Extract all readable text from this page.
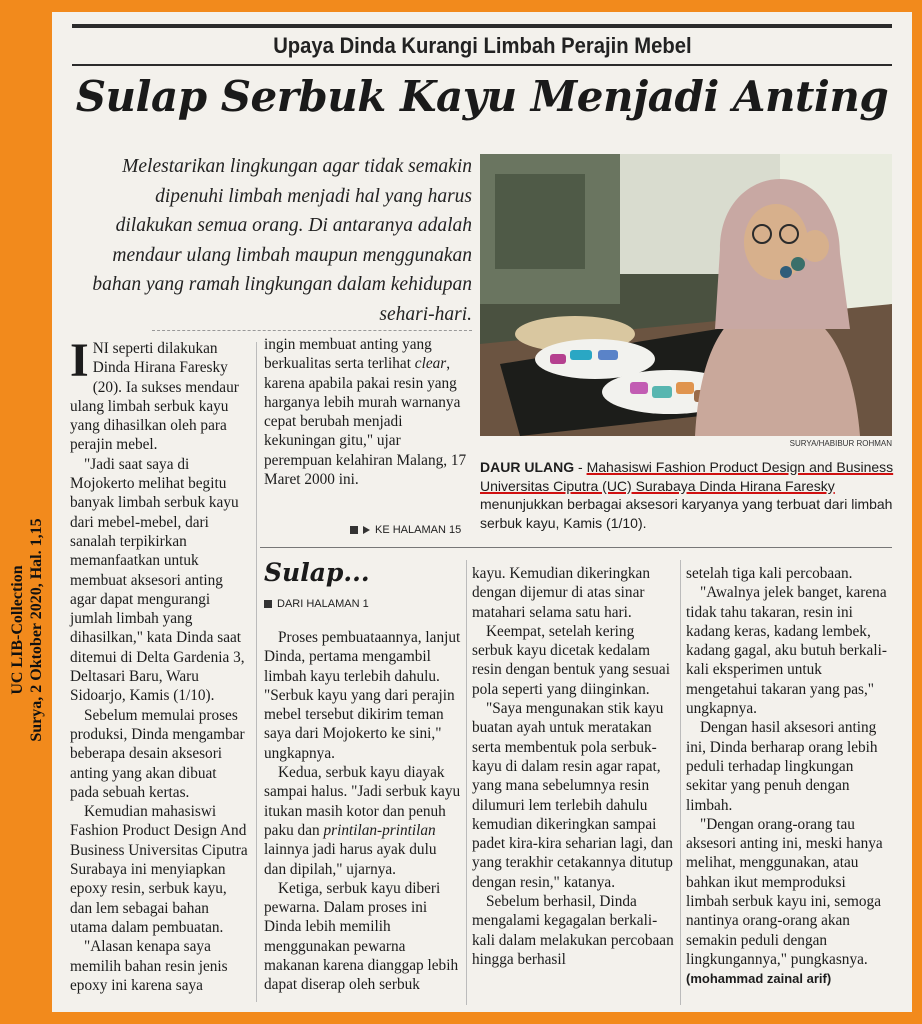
UC LIB-Collection Surya, 2 Oktober 2020, Hal. 1,15
Upaya Dinda Kurangi Limbah Perajin Mebel
Sulap Serbuk Kayu Menjadi Anting
Melestarikan lingkungan agar tidak semakin dipenuhi limbah menjadi hal yang harus dilakukan semua orang. Di antaranya adalah mendaur ulang limbah maupun menggunakan bahan yang ramah lingkungan dalam kehidupan sehari-hari.
SURYA/HABIBUR ROHMAN
DAUR ULANG - Mahasiswi Fashion Product Design and Business Universitas Ciputra (UC) Surabaya Dinda Hirana Faresky menunjukkan berbagai aksesori karyanya yang terbuat dari limbah serbuk kayu, Kamis (1/10).

INI seperti dilakukan Dinda Hirana Faresky (20). Ia sukses mendaur ulang limbah serbuk kayu yang dihasilkan oleh para perajin mebel.

"Jadi saat saya di Mojokerto melihat begitu banyak limbah serbuk kayu dari mebel-mebel, dari sanalah terpikirkan memanfaatkan untuk membuat aksesori anting agar dapat mengurangi jumlah limbah yang dihasilkan," kata Dinda saat ditemui di Delta Gardenia 3, Deltasari Baru, Waru Sidoarjo, Kamis (1/10).

Sebelum memulai proses produksi, Dinda mengambar beberapa desain aksesori anting yang akan dibuat pada sebuah kertas.

Kemudian mahasiswi Fashion Product Design And Business Universitas Ciputra Surabaya ini menyiapkan epoxy resin, serbuk kayu, dan lem sebagai bahan utama dalam pembuatan.

"Alasan kenapa saya memilih bahan resin jenis epoxy ini karena saya

ingin membuat anting yang berkualitas serta terlihat clear, karena apabila pakai resin yang harganya lebih murah warnanya cepat berubah menjadi kekuningan gitu," ujar perempuan kelahiran Malang, 17 Maret 2000 ini.

KE HALAMAN 15
Sulap...
DARI HALAMAN 1

Proses pembuataannya, lanjut Dinda, pertama mengambil limbah kayu terlebih dahulu. "Serbuk kayu yang dari perajin mebel tersebut dikirim teman saya dari Mojokerto ke sini," ungkapnya.

Kedua, serbuk kayu diayak sampai halus. "Jadi serbuk kayu itukan masih kotor dan penuh paku dan printilan-printilan lainnya jadi harus ayak dulu dan dipilah," ujarnya.

Ketiga, serbuk kayu diberi pewarna. Dalam proses ini Dinda lebih memilih menggunakan pewarna makanan karena dianggap lebih dapat diserap oleh serbuk

kayu. Kemudian dikeringkan dengan dijemur di atas sinar matahari selama satu hari.

Keempat, setelah kering serbuk kayu dicetak kedalam resin dengan bentuk yang sesuai pola seperti yang diinginkan.

"Saya mengunakan stik kayu buatan ayah untuk meratakan serta membentuk pola serbuk-kayu di dalam resin agar rapat, yang mana sebelumnya resin dilumuri lem terlebih dahulu kemudian dikeringkan sampai padet kira-kira seharian lagi, dan yang terakhir cetakannya ditutup dengan resin," katanya.

Sebelum berhasil, Dinda mengalami kegagalan berkali-kali dalam melakukan percobaan hingga berhasil

setelah tiga kali percobaan.

"Awalnya jelek banget, karena tidak tahu takaran, resin ini kadang keras, kadang lembek, kadang gagal, aku butuh berkali-kali eksperimen untuk mengetahui takaran yang pas," ungkapnya.

Dengan hasil aksesori anting ini, Dinda berharap orang lebih peduli terhadap lingkungan sekitar yang penuh dengan limbah.

"Dengan orang-orang tau aksesori anting ini, meski hanya melihat, menggunakan, atau bahkan ikut memproduksi limbah serbuk kayu ini, semoga nantinya orang-orang akan semakin peduli dengan lingkungannya," pungkasnya. (mohammad zainal arif)
